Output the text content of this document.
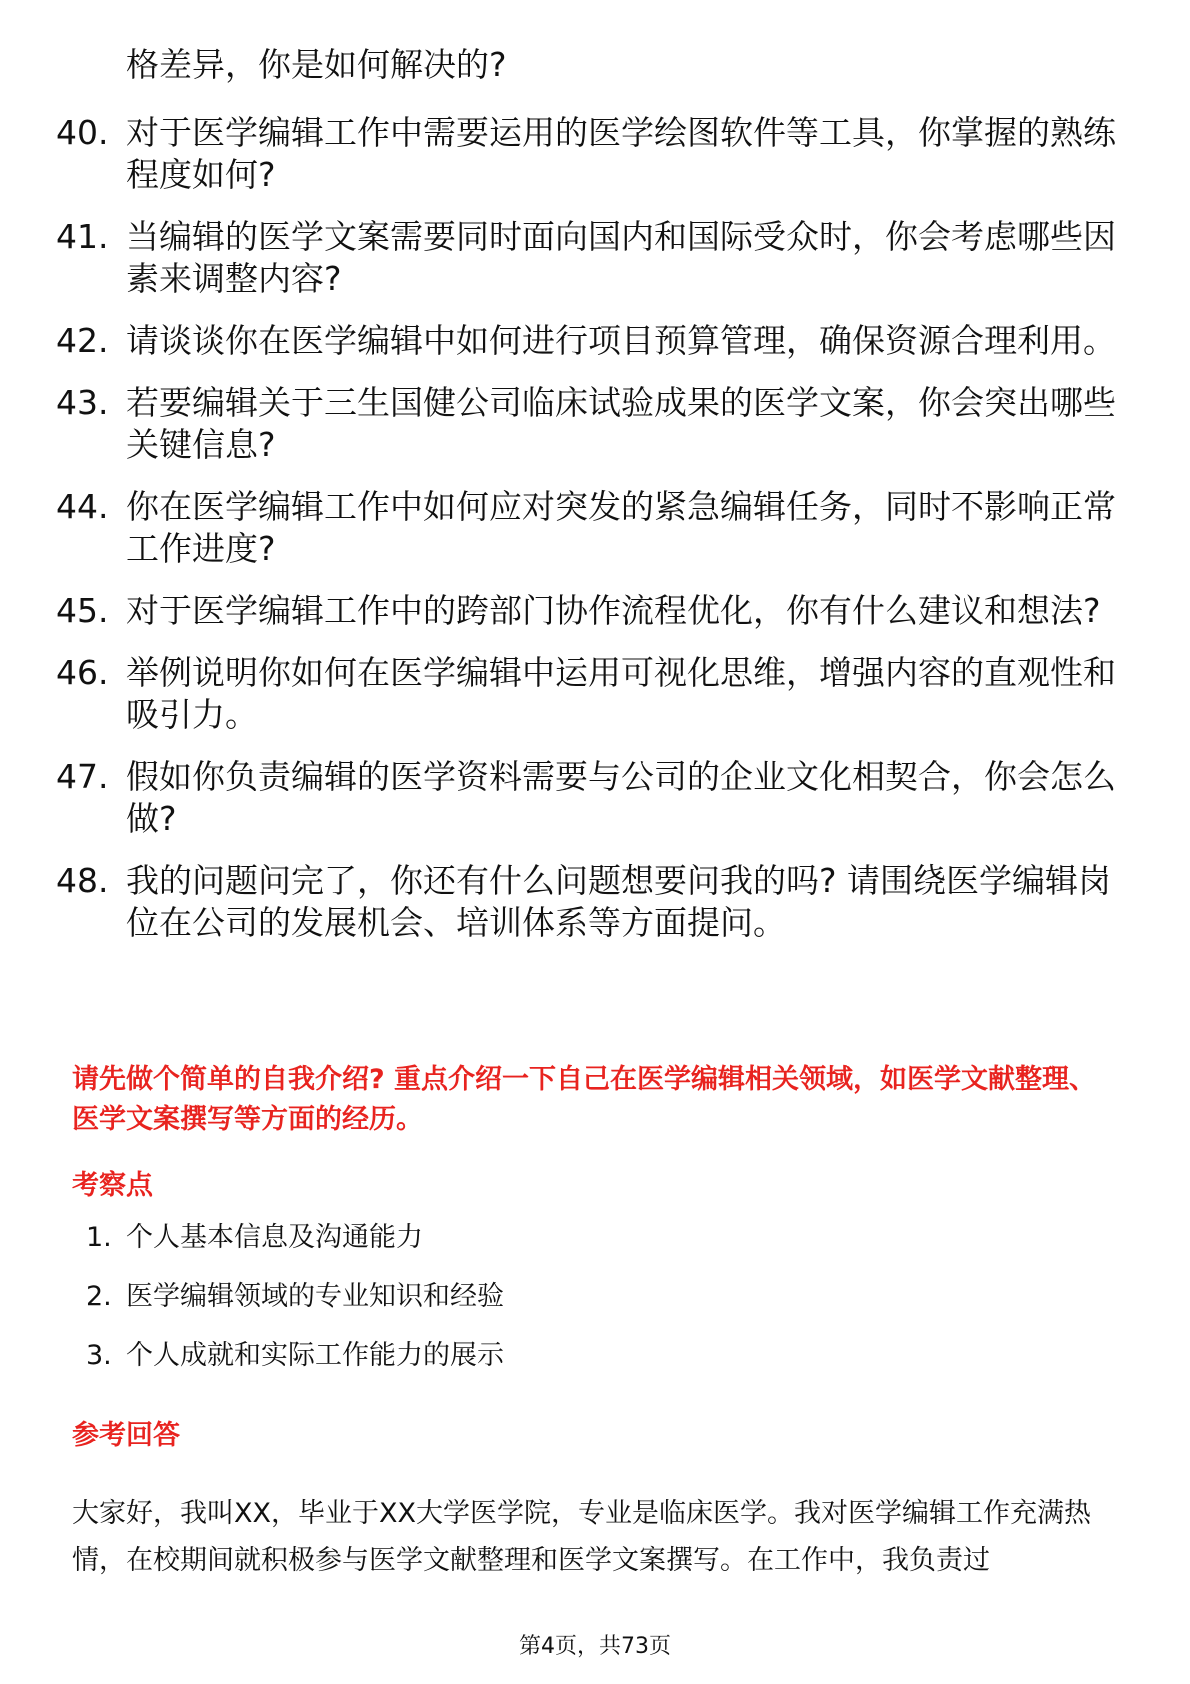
格差异，你是如何解决的?
40. 对于医学编辑工作中需要运用的医学绘图软件等工具，你掌握的熟练程度如何?
41. 当编辑的医学文案需要同时面向国内和国际受众时，你会考虑哪些因素来调整内容?
42. 请谈谈你在医学编辑中如何进行项目预算管理，确保资源合理利用。
43. 若要编辑关于三生国健公司临床试验成果的医学文案，你会突出哪些关键信息?
44. 你在医学编辑工作中如何应对突发的紧急编辑任务，同时不影响正常工作进度?
45. 对于医学编辑工作中的跨部门协作流程优化，你有什么建议和想法?
46. 举例说明你如何在医学编辑中运用可视化思维，增强内容的直观性和吸引力。
47. 假如你负责编辑的医学资料需要与公司的企业文化相契合，你会怎么做?
48. 我的问题问完了，你还有什么问题想要问我的吗? 请围绕医学编辑岗位在公司的发展机会、培训体系等方面提问。
请先做个简单的自我介绍? 重点介绍一下自己在医学编辑相关领域，如医学文献整理、医学文案撰写等方面的经历。
考察点
1. 个人基本信息及沟通能力
2. 医学编辑领域的专业知识和经验
3. 个人成就和实际工作能力的展示
参考回答
大家好，我叫XX，毕业于XX大学医学院，专业是临床医学。我对医学编辑工作充满热情，在校期间就积极参与医学文献整理和医学文案撰写。在工作中，我负责过
第4页，共73页
